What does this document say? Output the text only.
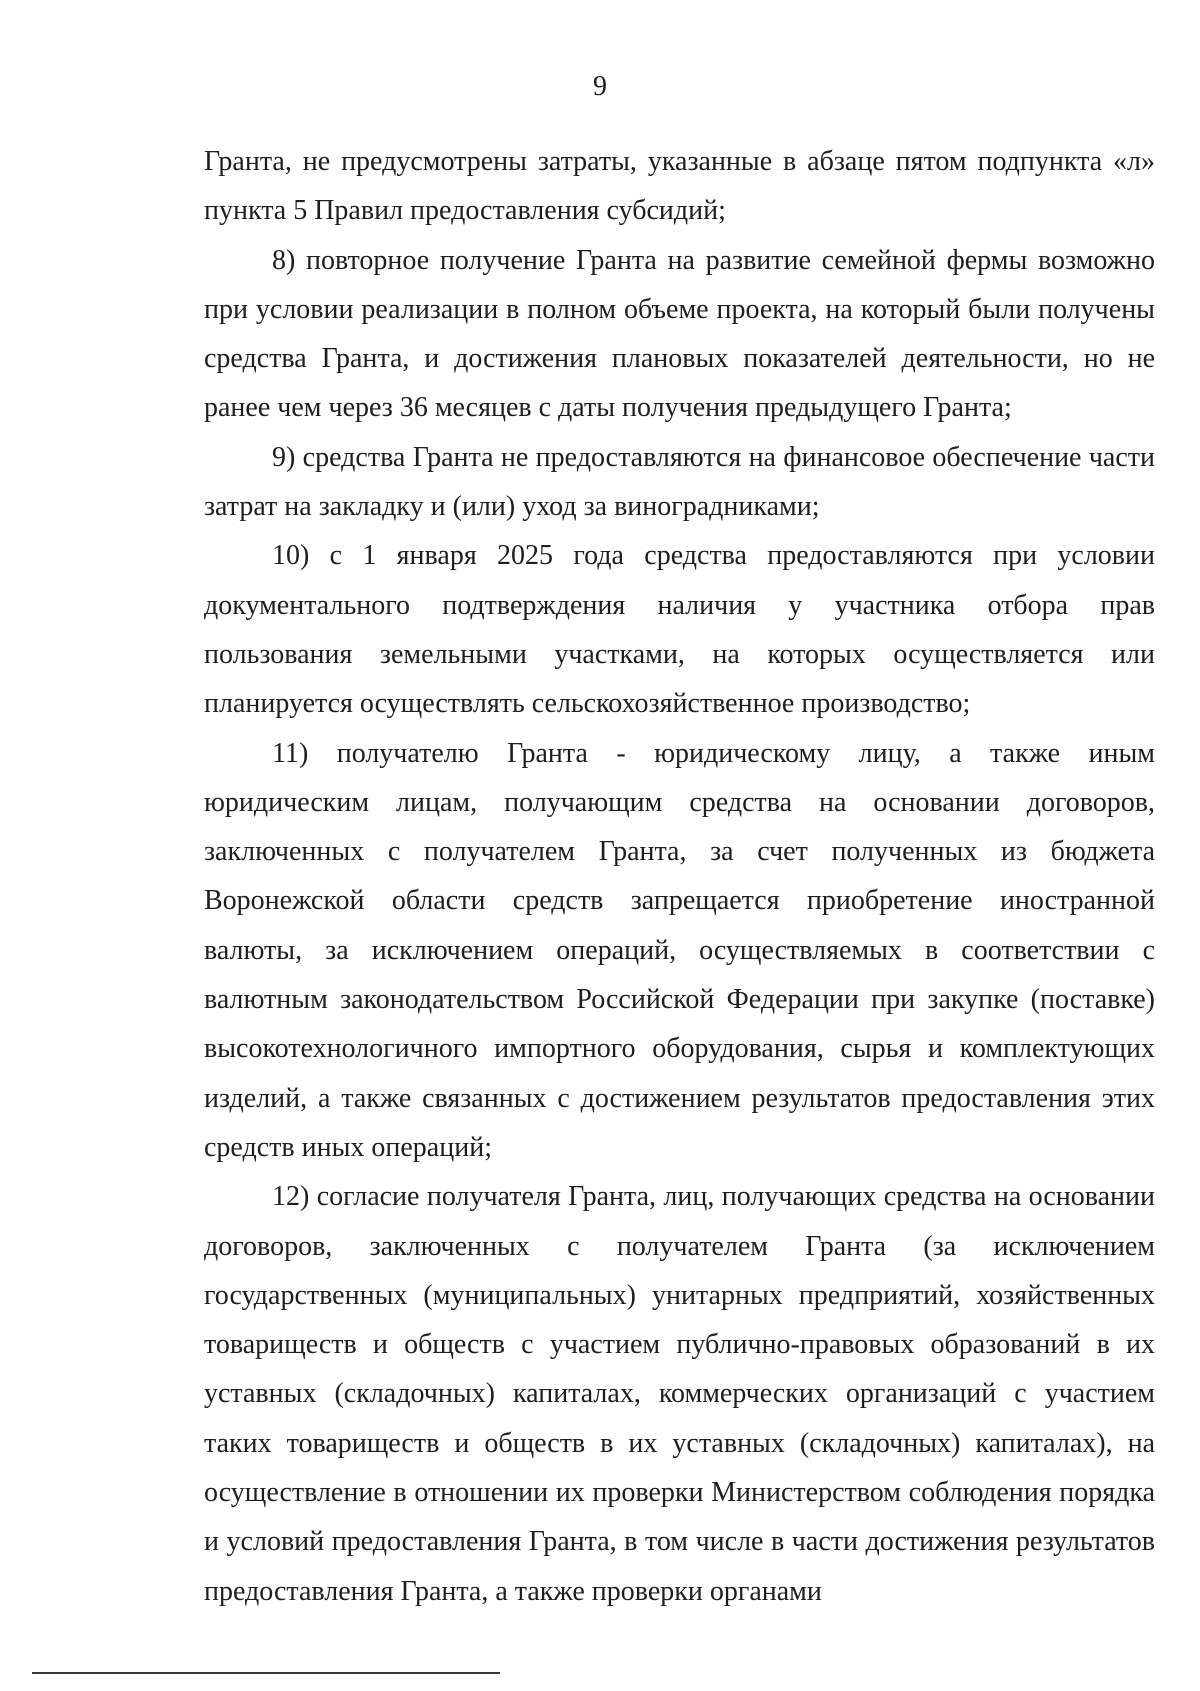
9

Гранта, не предусмотрены затраты, указанные в абзаце пятом подпункта «л» пункта 5 Правил предоставления субсидий;

8) повторное получение Гранта на развитие семейной фермы возможно при условии реализации в полном объеме проекта, на который были получены средства Гранта, и достижения плановых показателей деятельности, но не ранее чем через 36 месяцев с даты получения предыдущего Гранта;

9) средства Гранта не предоставляются на финансовое обеспечение части затрат на закладку и (или) уход за виноградниками;

10) с 1 января 2025 года средства предоставляются при условии документального подтверждения наличия у участника отбора прав пользования земельными участками, на которых осуществляется или планируется осуществлять сельскохозяйственное производство;

11) получателю Гранта - юридическому лицу, а также иным юридическим лицам, получающим средства на основании договоров, заключенных с получателем Гранта, за счет полученных из бюджета Воронежской области средств запрещается приобретение иностранной валюты, за исключением операций, осуществляемых в соответствии с валютным законодательством Российской Федерации при закупке (поставке) высокотехнологичного импортного оборудования, сырья и комплектующих изделий, а также связанных с достижением результатов предоставления этих средств иных операций;

12) согласие получателя Гранта, лиц, получающих средства на основании договоров, заключенных с получателем Гранта (за исключением государственных (муниципальных) унитарных предприятий, хозяйственных товариществ и обществ с участием публично-правовых образований в их уставных (складочных) капиталах, коммерческих организаций с участием таких товариществ и обществ в их уставных (складочных) капиталах), на осуществление в отношении их проверки Министерством соблюдения порядка и условий предоставления Гранта, в том числе в части достижения результатов предоставления Гранта, а также проверки органами
